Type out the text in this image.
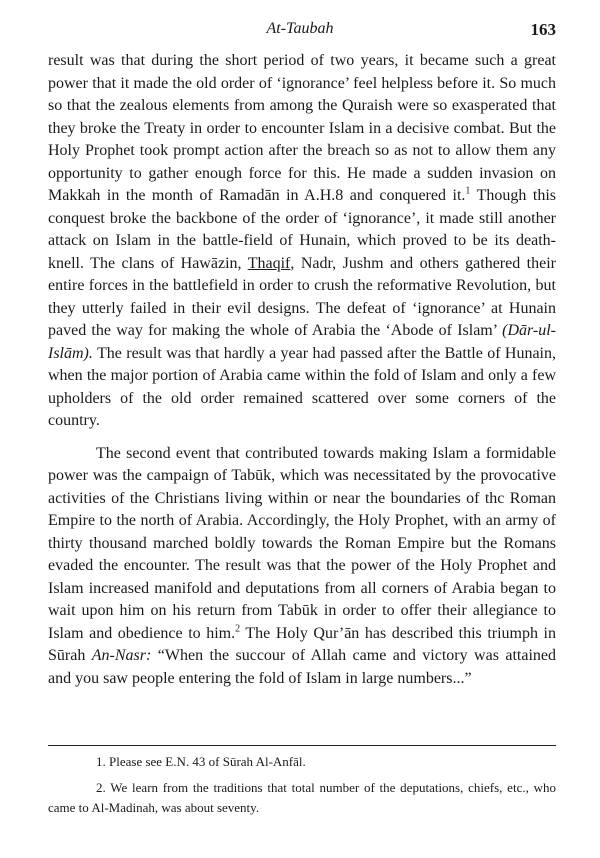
At-Taubah	163

result was that during the short period of two years, it became such a great power that it made the old order of ‘ignorance’ feel helpless before it. So much so that the zealous elements from among the Quraish were so exasperated that they broke the Treaty in order to encounter Islam in a decisive combat. But the Holy Prophet took prompt action after the breach so as not to allow them any opportunity to gather enough force for this. He made a sudden invasion on Makkah in the month of Ramadān in A.H.8 and conquered it.$^1$ Though this conquest broke the backbone of the order of ‘ignorance’, it made still another attack on Islam in the battle-field of Hunain, which proved to be its death-knell. The clans of Hawāzin, Thaqif, Nadr, Jushm and others gathered their entire forces in the battlefield in order to crush the reformative Revolution, but they utterly failed in their evil designs. The defeat of ‘ignorance’ at Hunain paved the way for making the whole of Arabia the ‘Abode of Islam’ (Dār-ul-Islām). The result was that hardly a year had passed after the Battle of Hunain, when the major portion of Arabia came within the fold of Islam and only a few upholders of the old order remained scattered over some corners of the country.

The second event that contributed towards making Islam a formidable power was the campaign of Tabūk, which was necessitated by the provocative activities of the Christians living within or near the boundaries of thc Roman Empire to the north of Arabia. Accordingly, the Holy Prophet, with an army of thirty thousand marched boldly towards the Roman Empire but the Romans evaded the encounter. The result was that the power of the Holy Prophet and Islam increased manifold and deputations from all corners of Arabia began to wait upon him on his return from Tabūk in order to offer their allegiance to Islam and obedience to him.$^2$ The Holy Qur’ān has described this triumph in Sūrah An-Nasr: “When the succour of Allah came and victory was attained and you saw people entering the fold of Islam in large numbers...”

1. Please see E.N. 43 of Sūrah Al-Anfāl.

2. We learn from the traditions that total number of the deputations, chiefs, etc., who came to Al-Madinah, was about seventy.
